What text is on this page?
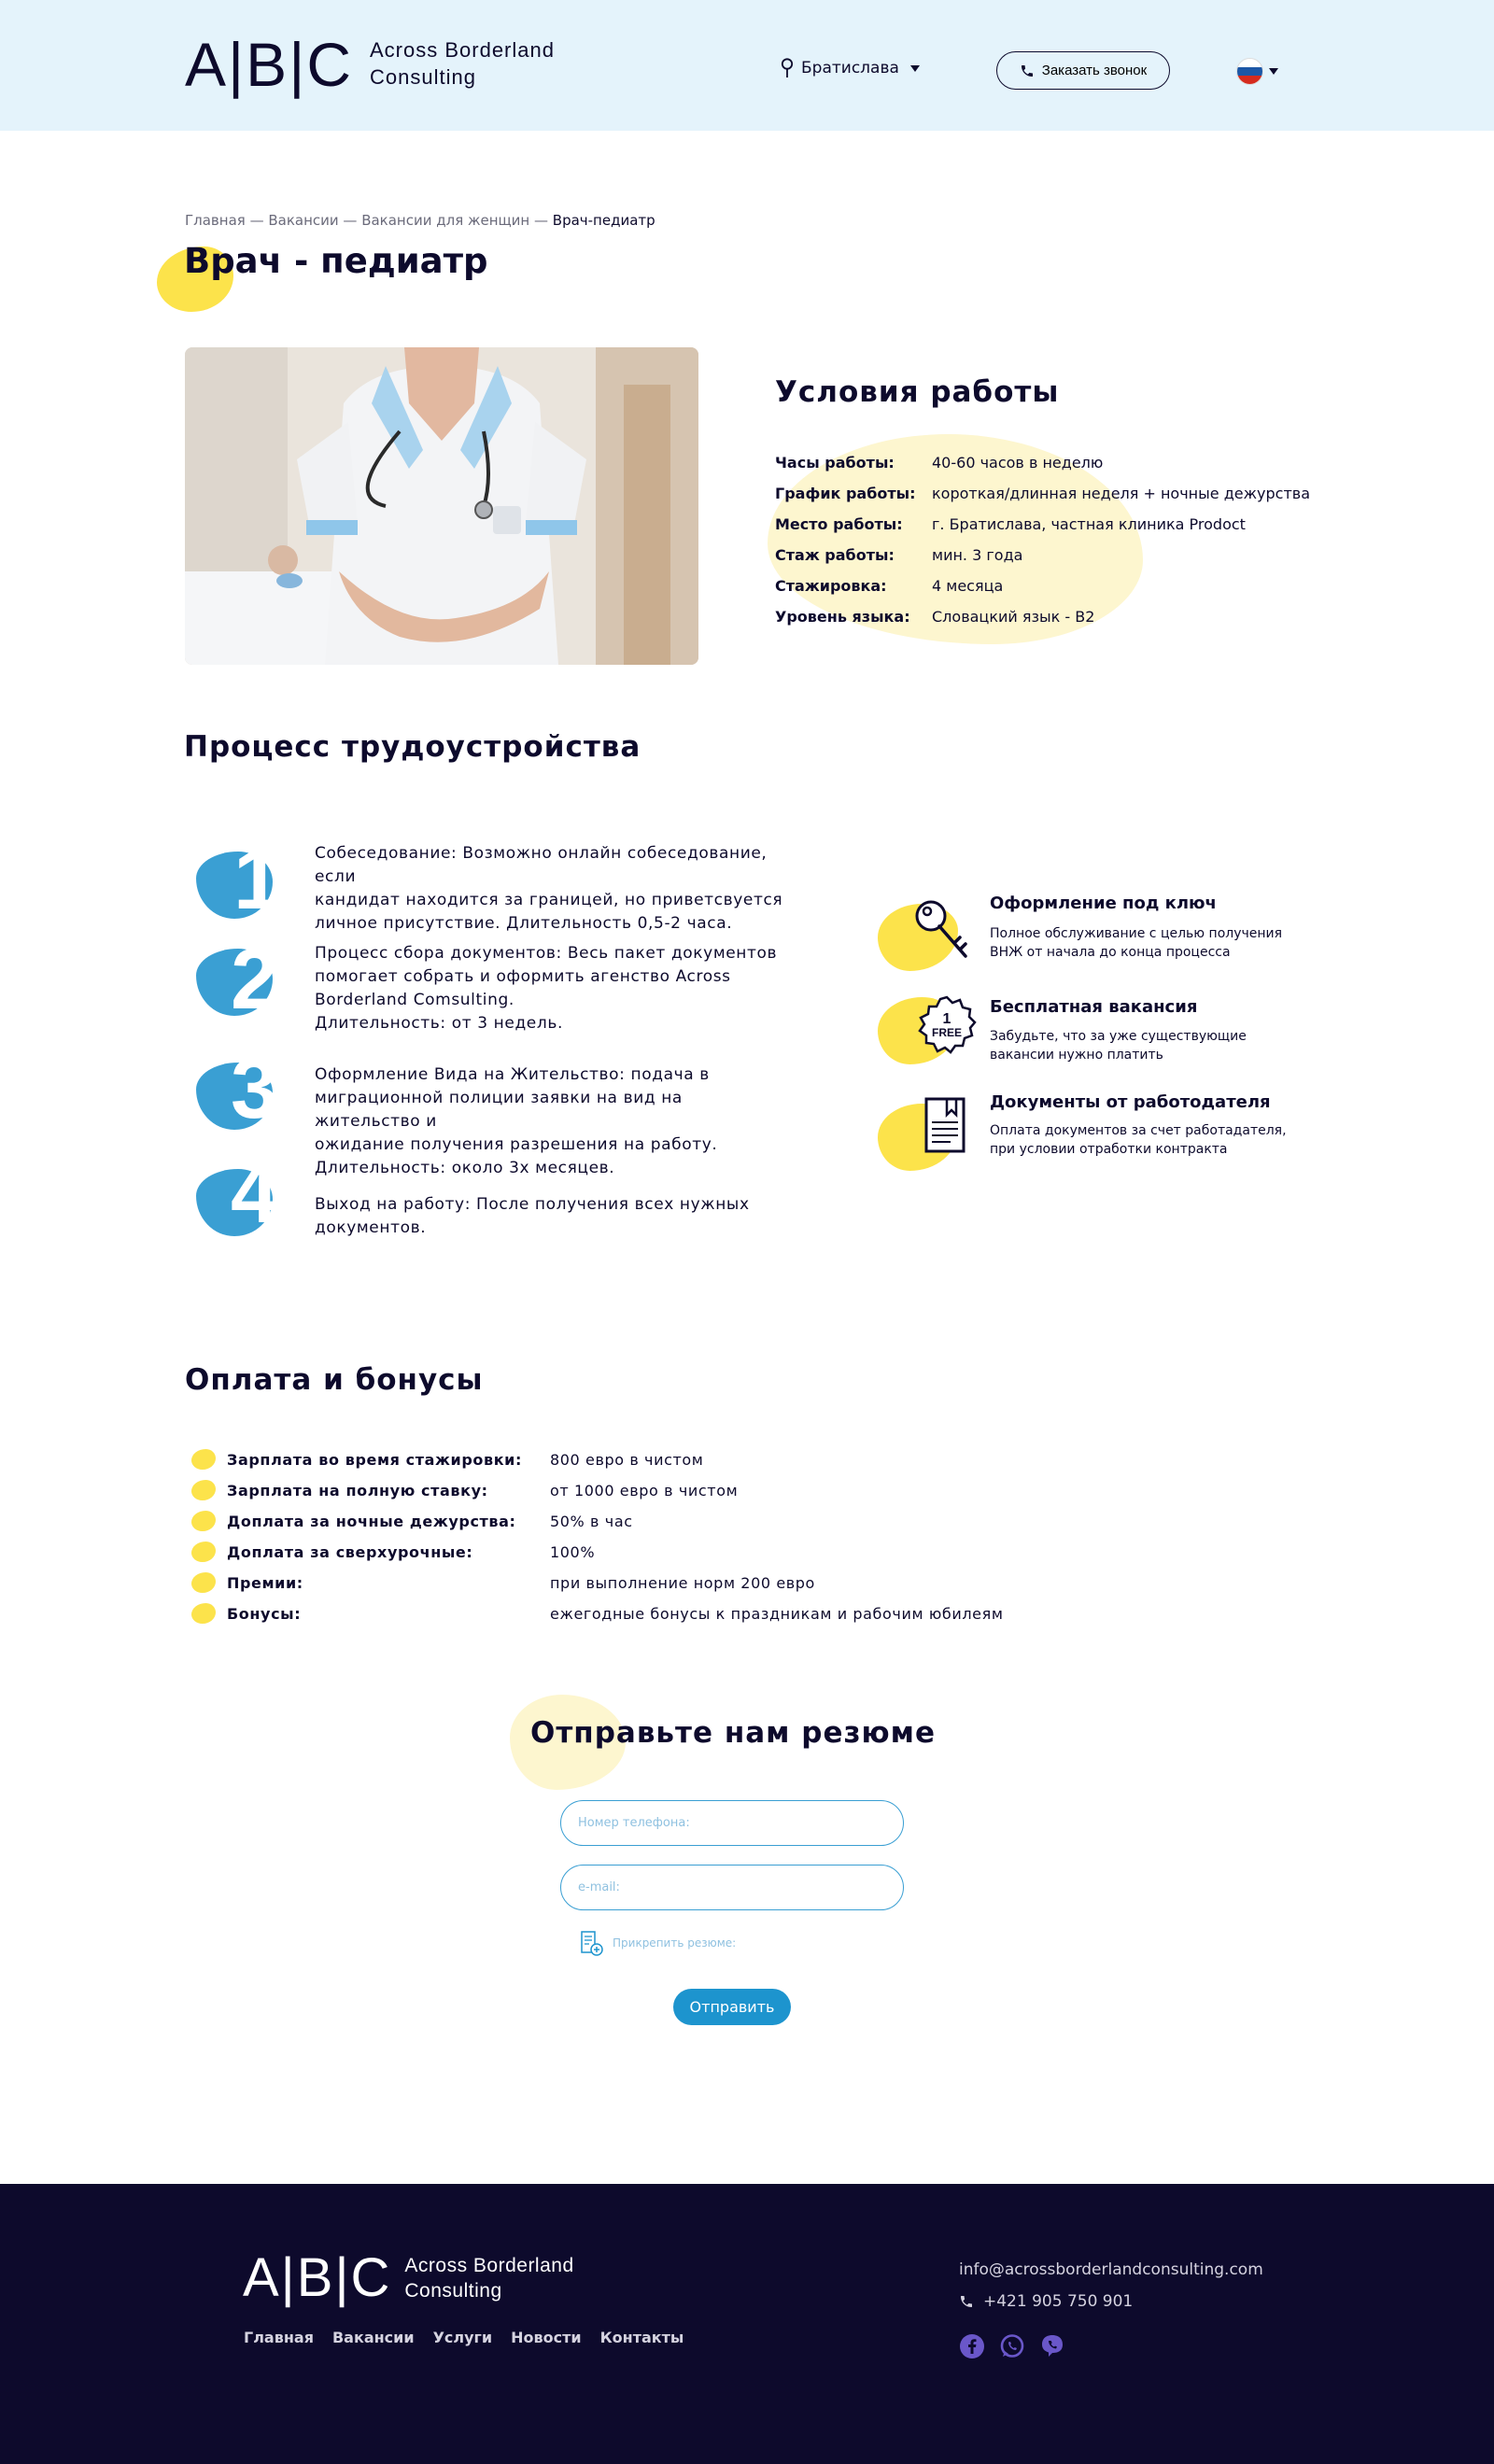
A|B|C Across Borderland
Consulting	Братислава	Заказать звонок
Главная — Вакансии — Вакансии для женщин — Врач-педиатр
Врач - педиатр
Условия работы
Часы работы:	40-60 часов в неделю
График работы:	короткая/длинная неделя + ночные дежурства
Место работы:	г. Братислава, частная клиника Prodoct
Стаж работы:	мин. 3 года
Стажировка:	4 месяца
Уровень языка:	Словацкий язык - B2
Процесс трудоустройства
1 Собеседование: Возможно онлайн собеседование, если
кандидат находится за границей, но приветсвуется
личное присутствие. Длительность 0,5-2 часа.
2 Процесс сбора документов: Весь пакет документов
помогает собрать и оформить агенство Across
Borderland Comsulting.
Длительность: от 3 недель.
3 Оформление Вида на Жительство: подача в
миграционной полиции заявки на вид на жительство и
ожидание получения разрешения на работу.
Длительность: около 3х месяцев.
4 Выход на работу: После получения всех нужных
документов.
Оформление под ключ
Полное обслуживание с целью получения
ВНЖ от начала до конца процесса
1
FREE
Бесплатная вакансия
Забудьте, что за уже существующие
вакансии нужно платить
Документы от работодателя
Оплата документов за счет работадателя,
при условии отработки контракта
Оплата и бонусы
Зарплата во время стажировки:	800 евро в чистом
Зарплата на полную ставку:	от 1000 евро в чистом
Доплата за ночные дежурства:	50% в час
Доплата за сверхурочные:	100%
Премии:	при выполнение норм 200 евро
Бонусы:	ежегодные бонусы к праздникам и рабочим юбилеям
Отправьте нам резюме
Номер телефона:
e-mail:
Прикрепить резюме:
Отправить
A|B|C Across Borderland
Consulting
Главная Вакансии Услуги Новости Контакты
info@acrossborderlandconsulting.com
+421 905 750 901
